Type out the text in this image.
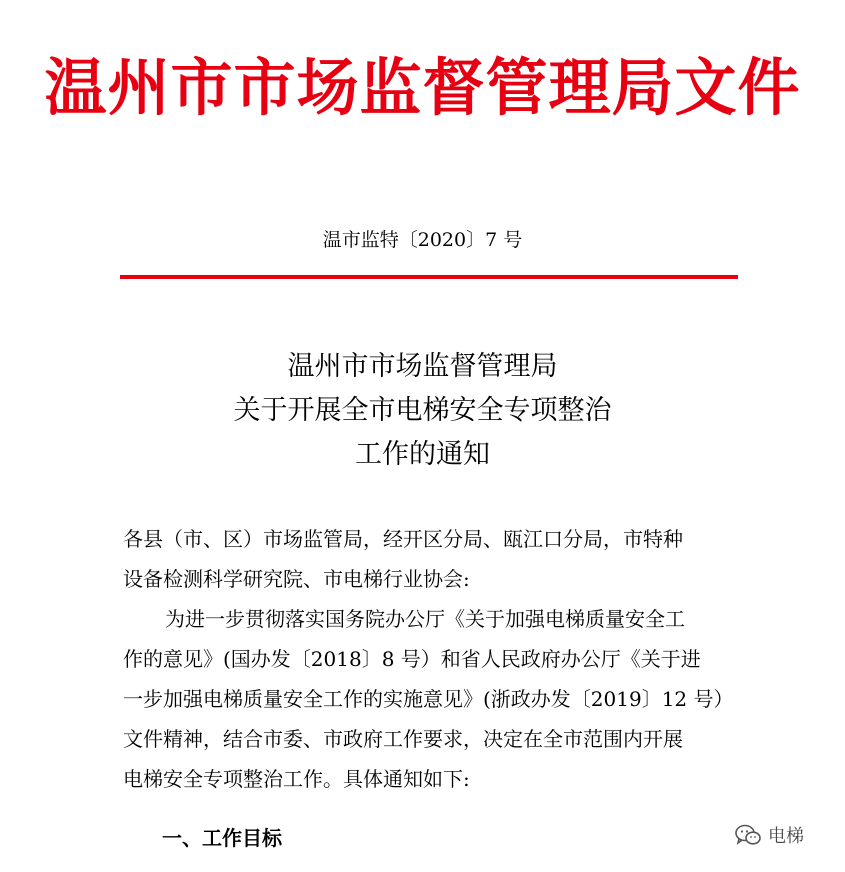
温州市市场监督管理局文件
温市监特〔2020〕7 号
温州市市场监督管理局
关于开展全市电梯安全专项整治
工作的通知

各县（市、区）市场监管局，经开区分局、瓯江口分局，市特种

设备检测科学研究院、市电梯行业协会:

为进一步贯彻落实国务院办公厅《关于加强电梯质量安全工

作的意见》(国办发〔2018〕8 号）和省人民政府办公厅《关于进

一步加强电梯质量安全工作的实施意见》(浙政办发〔2019〕12 号）

文件精神，结合市委、市政府工作要求，决定在全市范围内开展

电梯安全专项整治工作。具体通知如下:

一、工作目标	电梯
